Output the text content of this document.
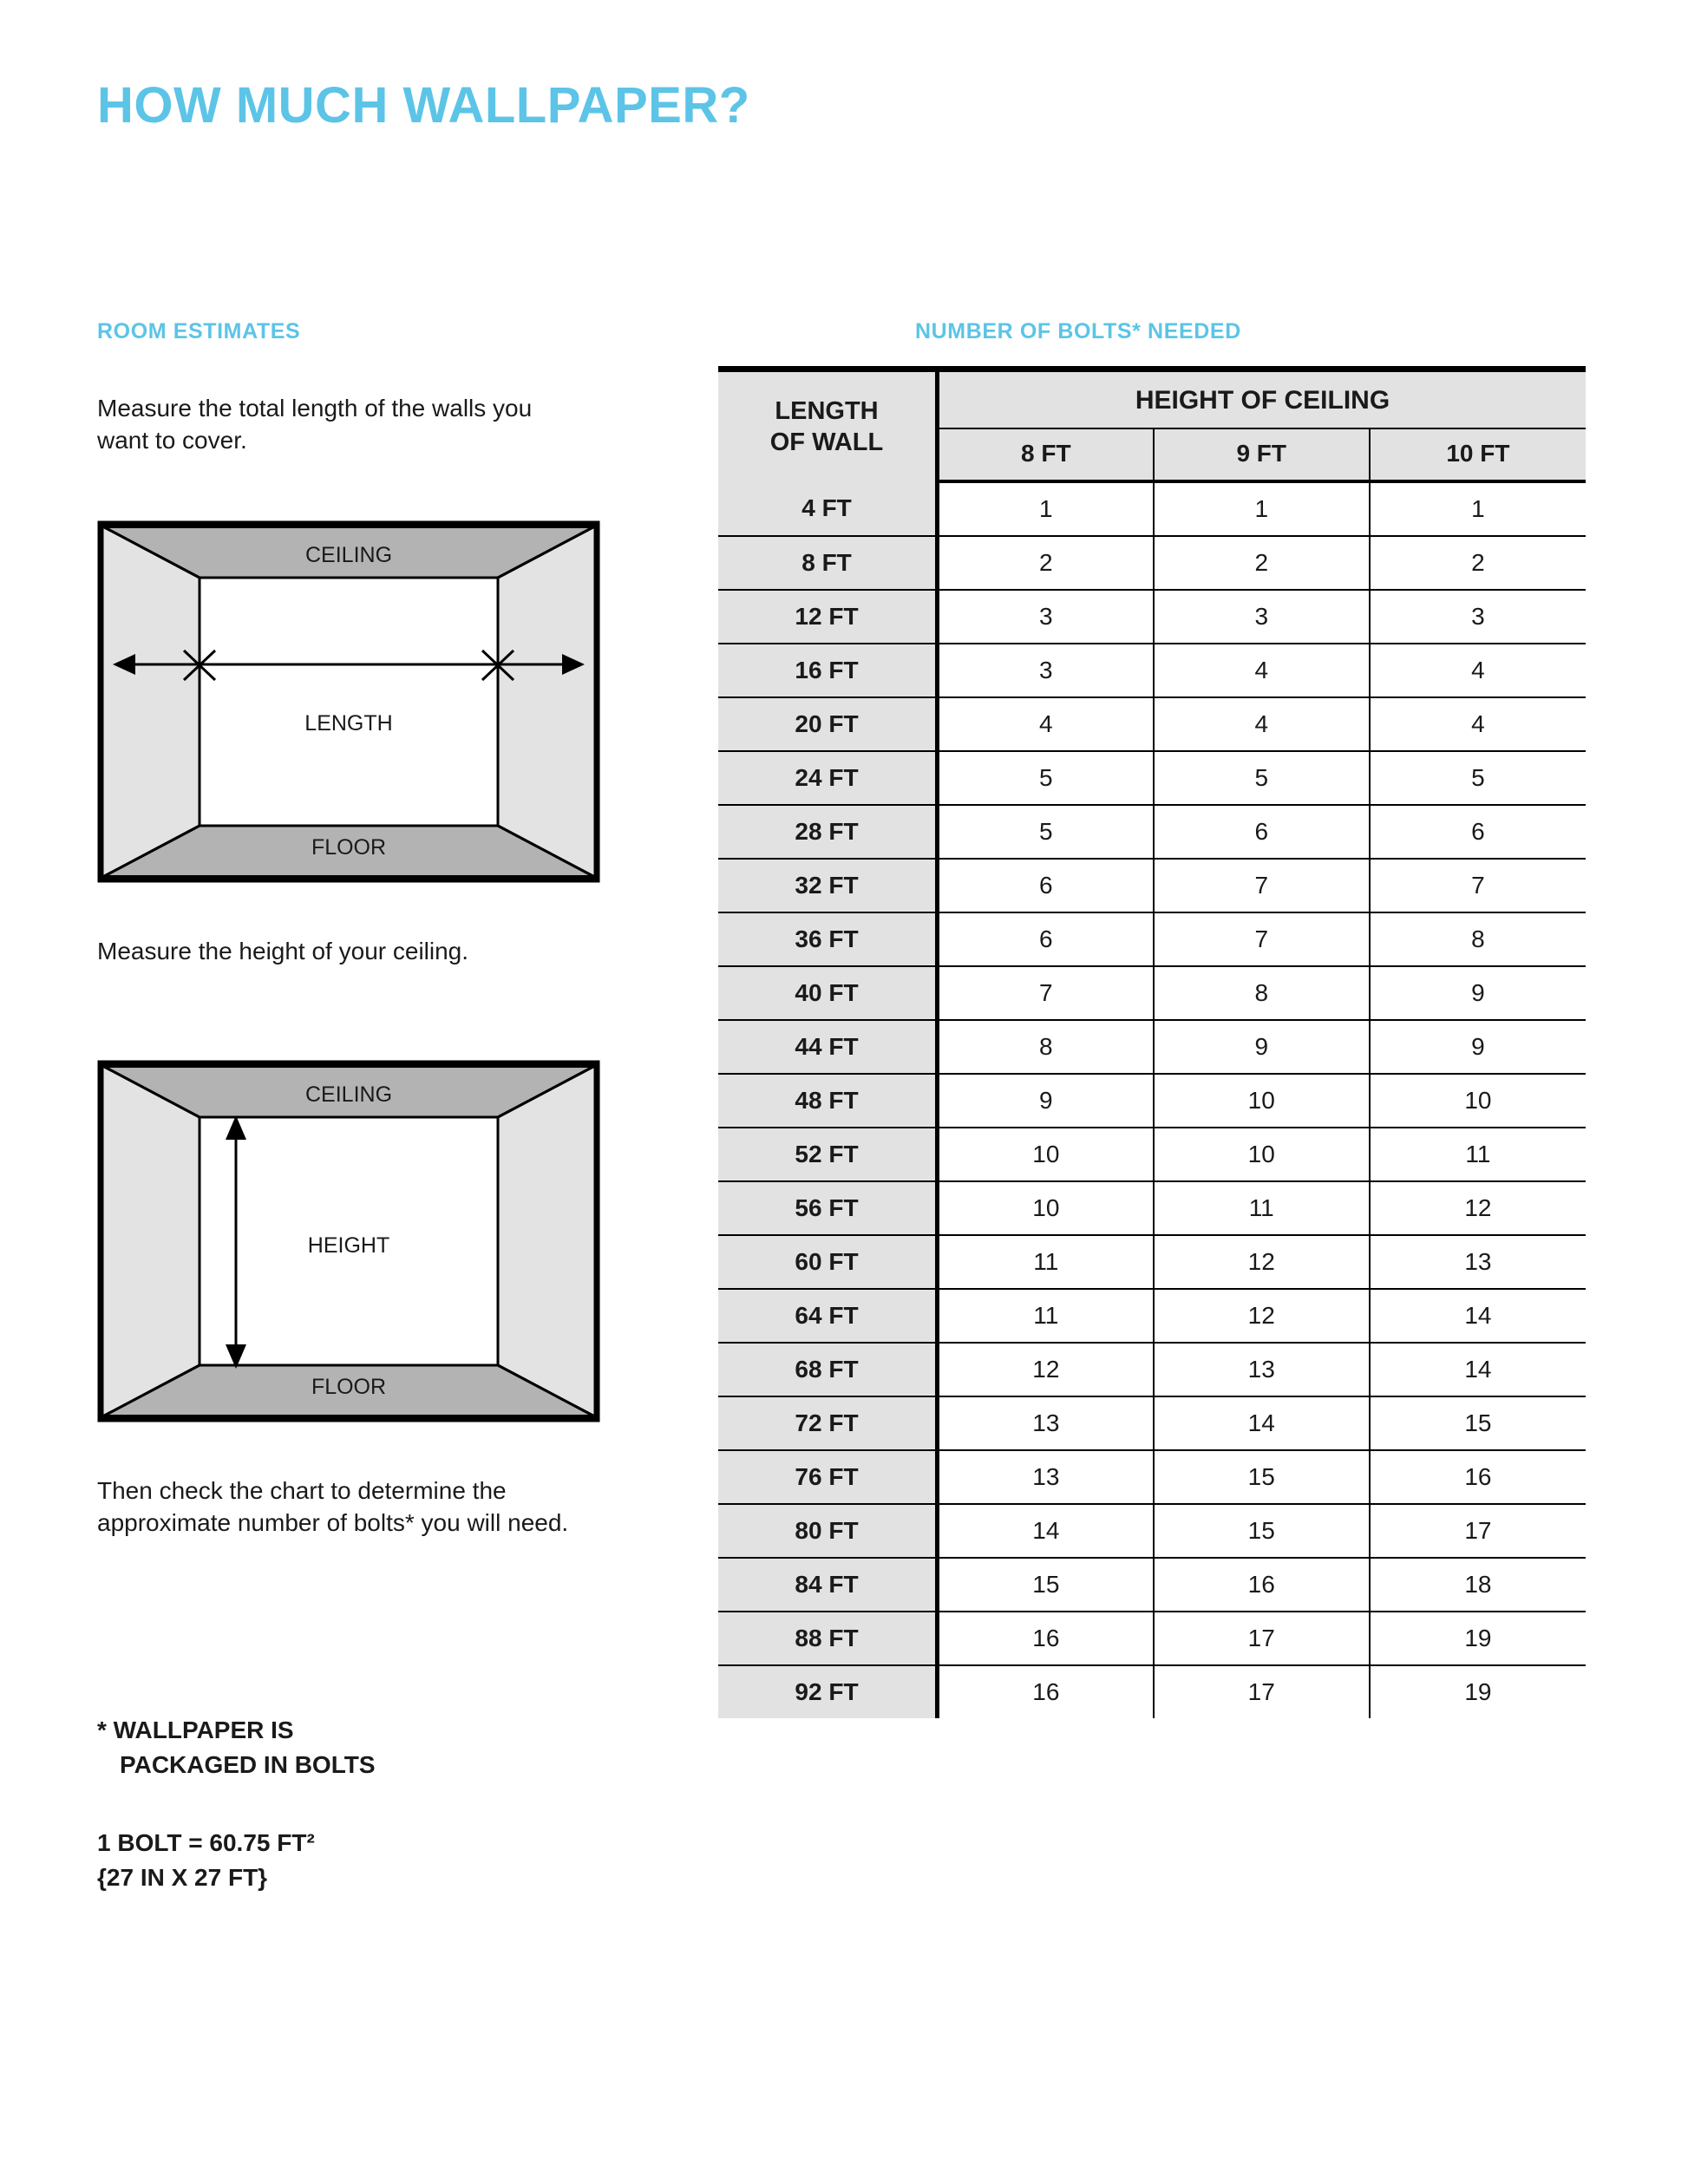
HOW MUCH WALLPAPER?
ROOM ESTIMATES	NUMBER OF BOLTS* NEEDED
Measure the total length of the walls you want to cover.
CEILING
FLOOR
LENGTH
Measure the height of your ceiling.
CEILING
FLOOR
HEIGHT
Then check the chart to determine the approximate number of bolts* you will need.
* WALLPAPER IS
PACKAGED IN BOLTS
1 BOLT = 60.75 FT²
{27 IN X 27 FT}
LENGTH
OF WALL	HEIGHT OF CEILING		
	8 FT	9 FT	10 FT
4 FT	1	1	1
8 FT	2	2	2
12 FT	3	3	3
16 FT	3	4	4
20 FT	4	4	4
24 FT	5	5	5
28 FT	5	6	6
32 FT	6	7	7
36 FT	6	7	8
40 FT	7	8	9
44 FT	8	9	9
48 FT	9	10	10
52 FT	10	10	11
56 FT	10	11	12
60 FT	11	12	13
64 FT	11	12	14
68 FT	12	13	14
72 FT	13	14	15
76 FT	13	15	16
80 FT	14	15	17
84 FT	15	16	18
88 FT	16	17	19
92 FT	16	17	19
